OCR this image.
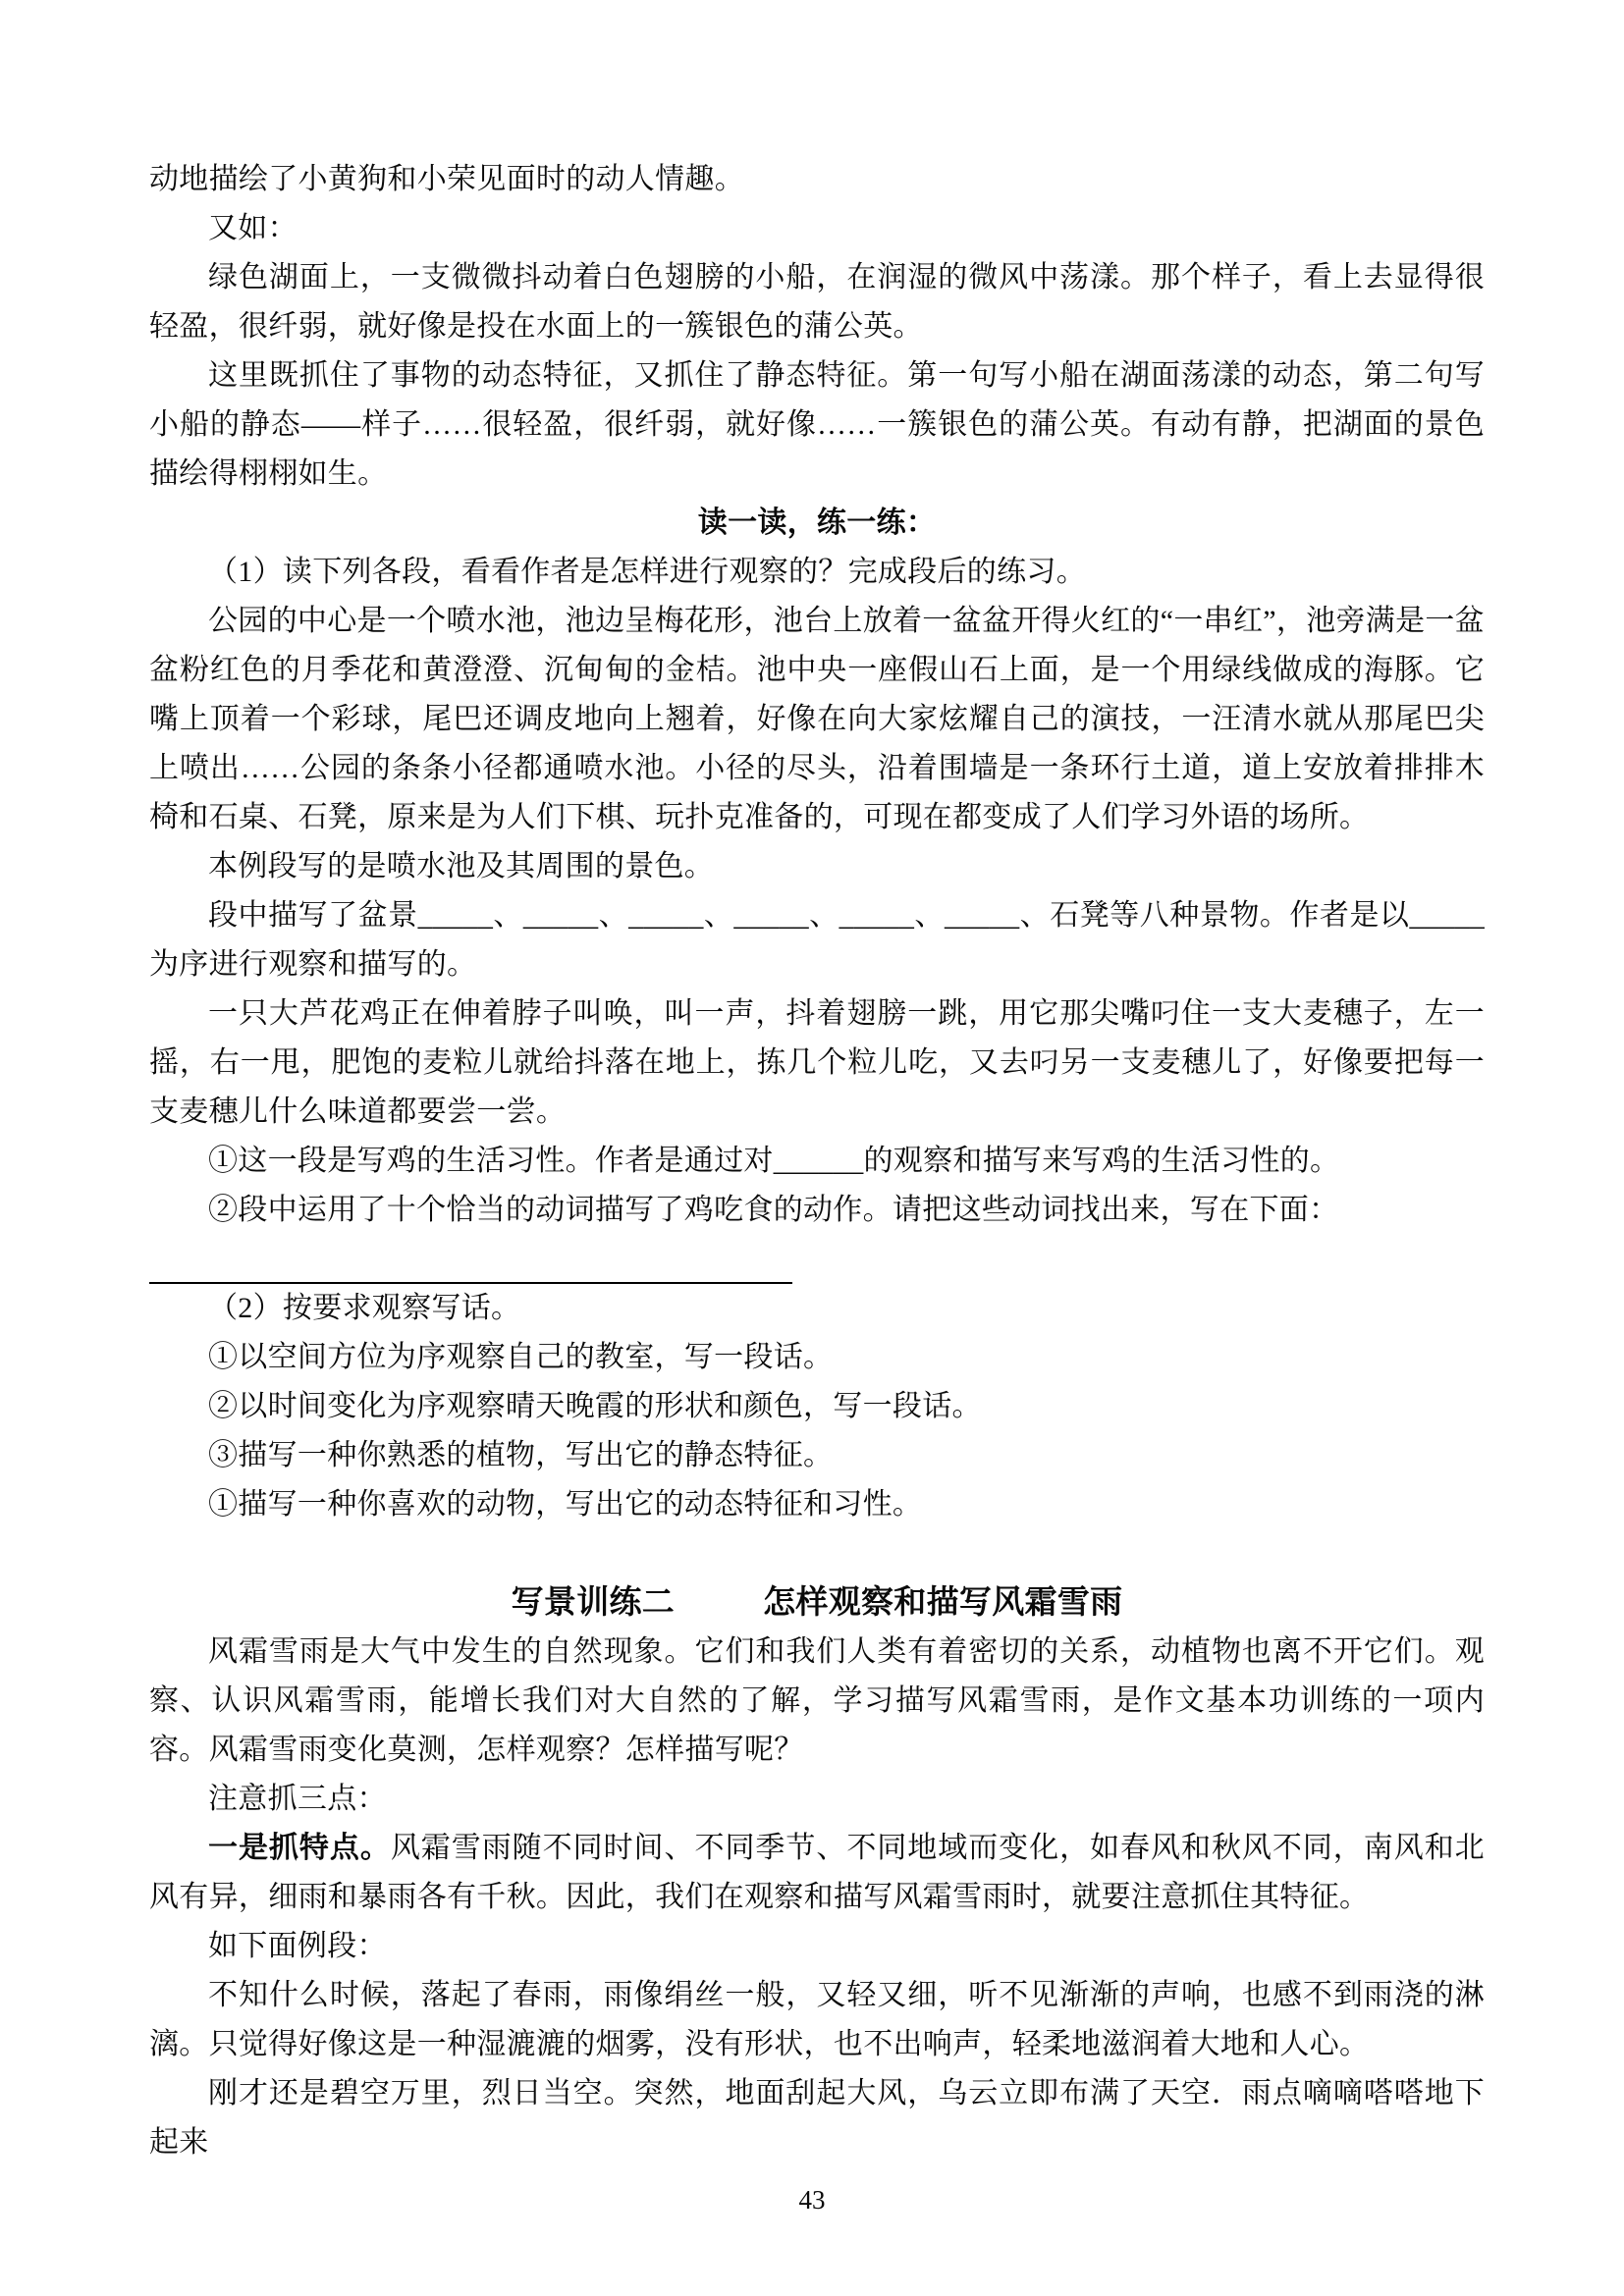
动地描绘了小黄狗和小荣见面时的动人情趣。

又如：

绿色湖面上，一支微微抖动着白色翅膀的小船，在润湿的微风中荡漾。那个样子，看上去显得很轻盈，很纤弱，就好像是投在水面上的一簇银色的蒲公英。

这里既抓住了事物的动态特征，又抓住了静态特征。第一句写小船在湖面荡漾的动态，第二句写小船的静态——样子……很轻盈，很纤弱，就好像……一簇银色的蒲公英。有动有静，把湖面的景色描绘得栩栩如生。

读一读，练一练：

（1）读下列各段，看看作者是怎样进行观察的？完成段后的练习。

公园的中心是一个喷水池，池边呈梅花形，池台上放着一盆盆开得火红的“一串红”，池旁满是一盆盆粉红色的月季花和黄澄澄、沉甸甸的金桔。池中央一座假山石上面，是一个用绿线做成的海豚。它嘴上顶着一个彩球，尾巴还调皮地向上翘着，好像在向大家炫耀自己的演技，一汪清水就从那尾巴尖上喷出……公园的条条小径都通喷水池。小径的尽头，沿着围墙是一条环行土道，道上安放着排排木椅和石桌、石凳，原来是为人们下棋、玩扑克准备的，可现在都变成了人们学习外语的场所。

本例段写的是喷水池及其周围的景色。

段中描写了盆景_____、_____、_____、_____、_____、_____、石凳等八种景物。作者是以_____为序进行观察和描写的。

一只大芦花鸡正在伸着脖子叫唤，叫一声，抖着翅膀一跳，用它那尖嘴叼住一支大麦穗子，左一摇，右一甩，肥饱的麦粒儿就给抖落在地上，拣几个粒儿吃，又去叼另一支麦穗儿了，好像要把每一支麦穗儿什么味道都要尝一尝。

①这一段是写鸡的生活习性。作者是通过对______的观察和描写来写鸡的生活习性的。

②段中运用了十个恰当的动词描写了鸡吃食的动作。请把这些动词找出来，写在下面：

（2）按要求观察写话。

①以空间方位为序观察自己的教室，写一段话。

②以时间变化为序观察晴天晚霞的形状和颜色，写一段话。

③描写一种你熟悉的植物，写出它的静态特征。

①描写一种你喜欢的动物，写出它的动态特征和习性。

写景训练二	怎样观察和描写风霜雪雨

风霜雪雨是大气中发生的自然现象。它们和我们人类有着密切的关系，动植物也离不开它们。观察、认识风霜雪雨，能增长我们对大自然的了解，学习描写风霜雪雨，是作文基本功训练的一项内容。风霜雪雨变化莫测，怎样观察？怎样描写呢？

注意抓三点：

一是抓特点。风霜雪雨随不同时间、不同季节、不同地域而变化，如春风和秋风不同，南风和北风有异，细雨和暴雨各有千秋。因此，我们在观察和描写风霜雪雨时，就要注意抓住其特征。

如下面例段：

不知什么时候，落起了春雨，雨像绢丝一般，又轻又细，听不见渐渐的声响，也感不到雨浇的淋漓。只觉得好像这是一种湿漉漉的烟雾，没有形状，也不出响声，轻柔地滋润着大地和人心。

刚才还是碧空万里，烈日当空。突然，地面刮起大风，乌云立即布满了天空．雨点嘀嘀嗒嗒地下起来

43
